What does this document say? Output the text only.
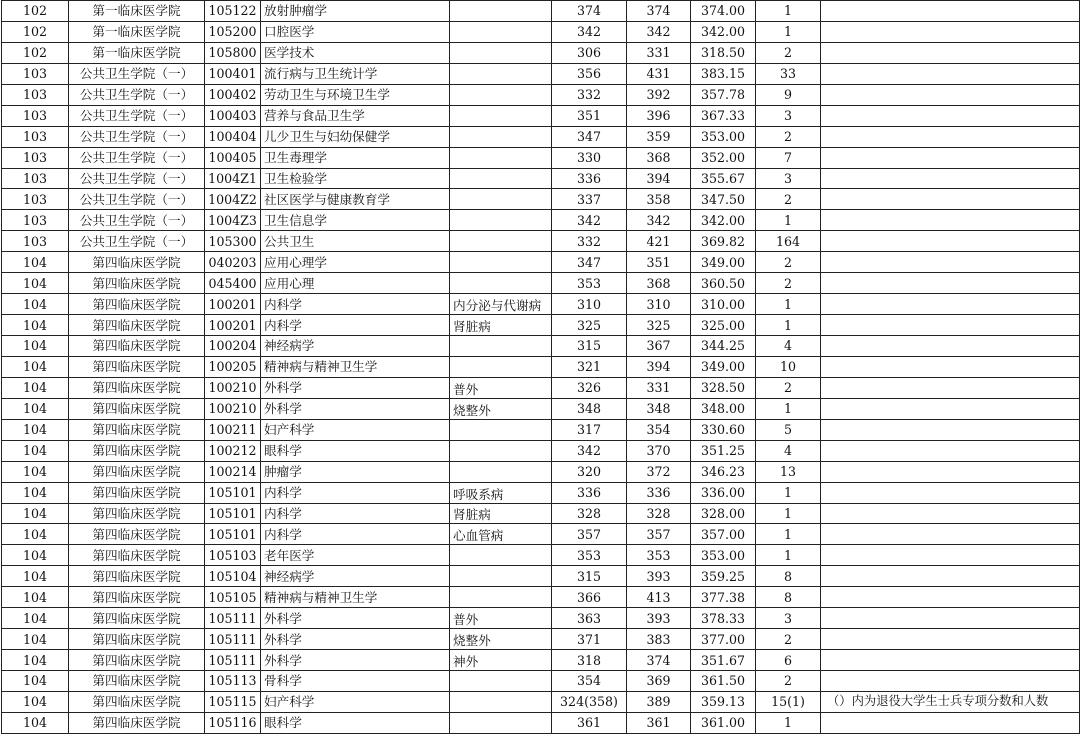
102	第一临床医学院	105122	放射肿瘤学		374	374	374.00	1	
102	第一临床医学院	105200	口腔医学		342	342	342.00	1	
102	第一临床医学院	105800	医学技术		306	331	318.50	2	
103	公共卫生学院（一）	100401	流行病与卫生统计学		356	431	383.15	33	
103	公共卫生学院（一）	100402	劳动卫生与环境卫生学		332	392	357.78	9	
103	公共卫生学院（一）	100403	营养与食品卫生学		351	396	367.33	3	
103	公共卫生学院（一）	100404	儿少卫生与妇幼保健学		347	359	353.00	2	
103	公共卫生学院（一）	100405	卫生毒理学		330	368	352.00	7	
103	公共卫生学院（一）	1004Z1	卫生检验学		336	394	355.67	3	
103	公共卫生学院（一）	1004Z2	社区医学与健康教育学		337	358	347.50	2	
103	公共卫生学院（一）	1004Z3	卫生信息学		342	342	342.00	1	
103	公共卫生学院（一）	105300	公共卫生		332	421	369.82	164	
104	第四临床医学院	040203	应用心理学		347	351	349.00	2	
104	第四临床医学院	045400	应用心理		353	368	360.50	2	
104	第四临床医学院	100201	内科学	内分泌与代谢病	310	310	310.00	1	
104	第四临床医学院	100201	内科学	肾脏病	325	325	325.00	1	
104	第四临床医学院	100204	神经病学		315	367	344.25	4	
104	第四临床医学院	100205	精神病与精神卫生学		321	394	349.00	10	
104	第四临床医学院	100210	外科学	普外	326	331	328.50	2	
104	第四临床医学院	100210	外科学	烧整外	348	348	348.00	1	
104	第四临床医学院	100211	妇产科学		317	354	330.60	5	
104	第四临床医学院	100212	眼科学		342	370	351.25	4	
104	第四临床医学院	100214	肿瘤学		320	372	346.23	13	
104	第四临床医学院	105101	内科学	呼吸系病	336	336	336.00	1	
104	第四临床医学院	105101	内科学	肾脏病	328	328	328.00	1	
104	第四临床医学院	105101	内科学	心血管病	357	357	357.00	1	
104	第四临床医学院	105103	老年医学		353	353	353.00	1	
104	第四临床医学院	105104	神经病学		315	393	359.25	8	
104	第四临床医学院	105105	精神病与精神卫生学		366	413	377.38	8	
104	第四临床医学院	105111	外科学	普外	363	393	378.33	3	
104	第四临床医学院	105111	外科学	烧整外	371	383	377.00	2	
104	第四临床医学院	105111	外科学	神外	318	374	351.67	6	
104	第四临床医学院	105113	骨科学		354	369	361.50	2	
104	第四临床医学院	105115	妇产科学		324(358)	389	359.13	15(1)	（）内为退役大学生士兵专项分数和人数
104	第四临床医学院	105116	眼科学		361	361	361.00	1	
